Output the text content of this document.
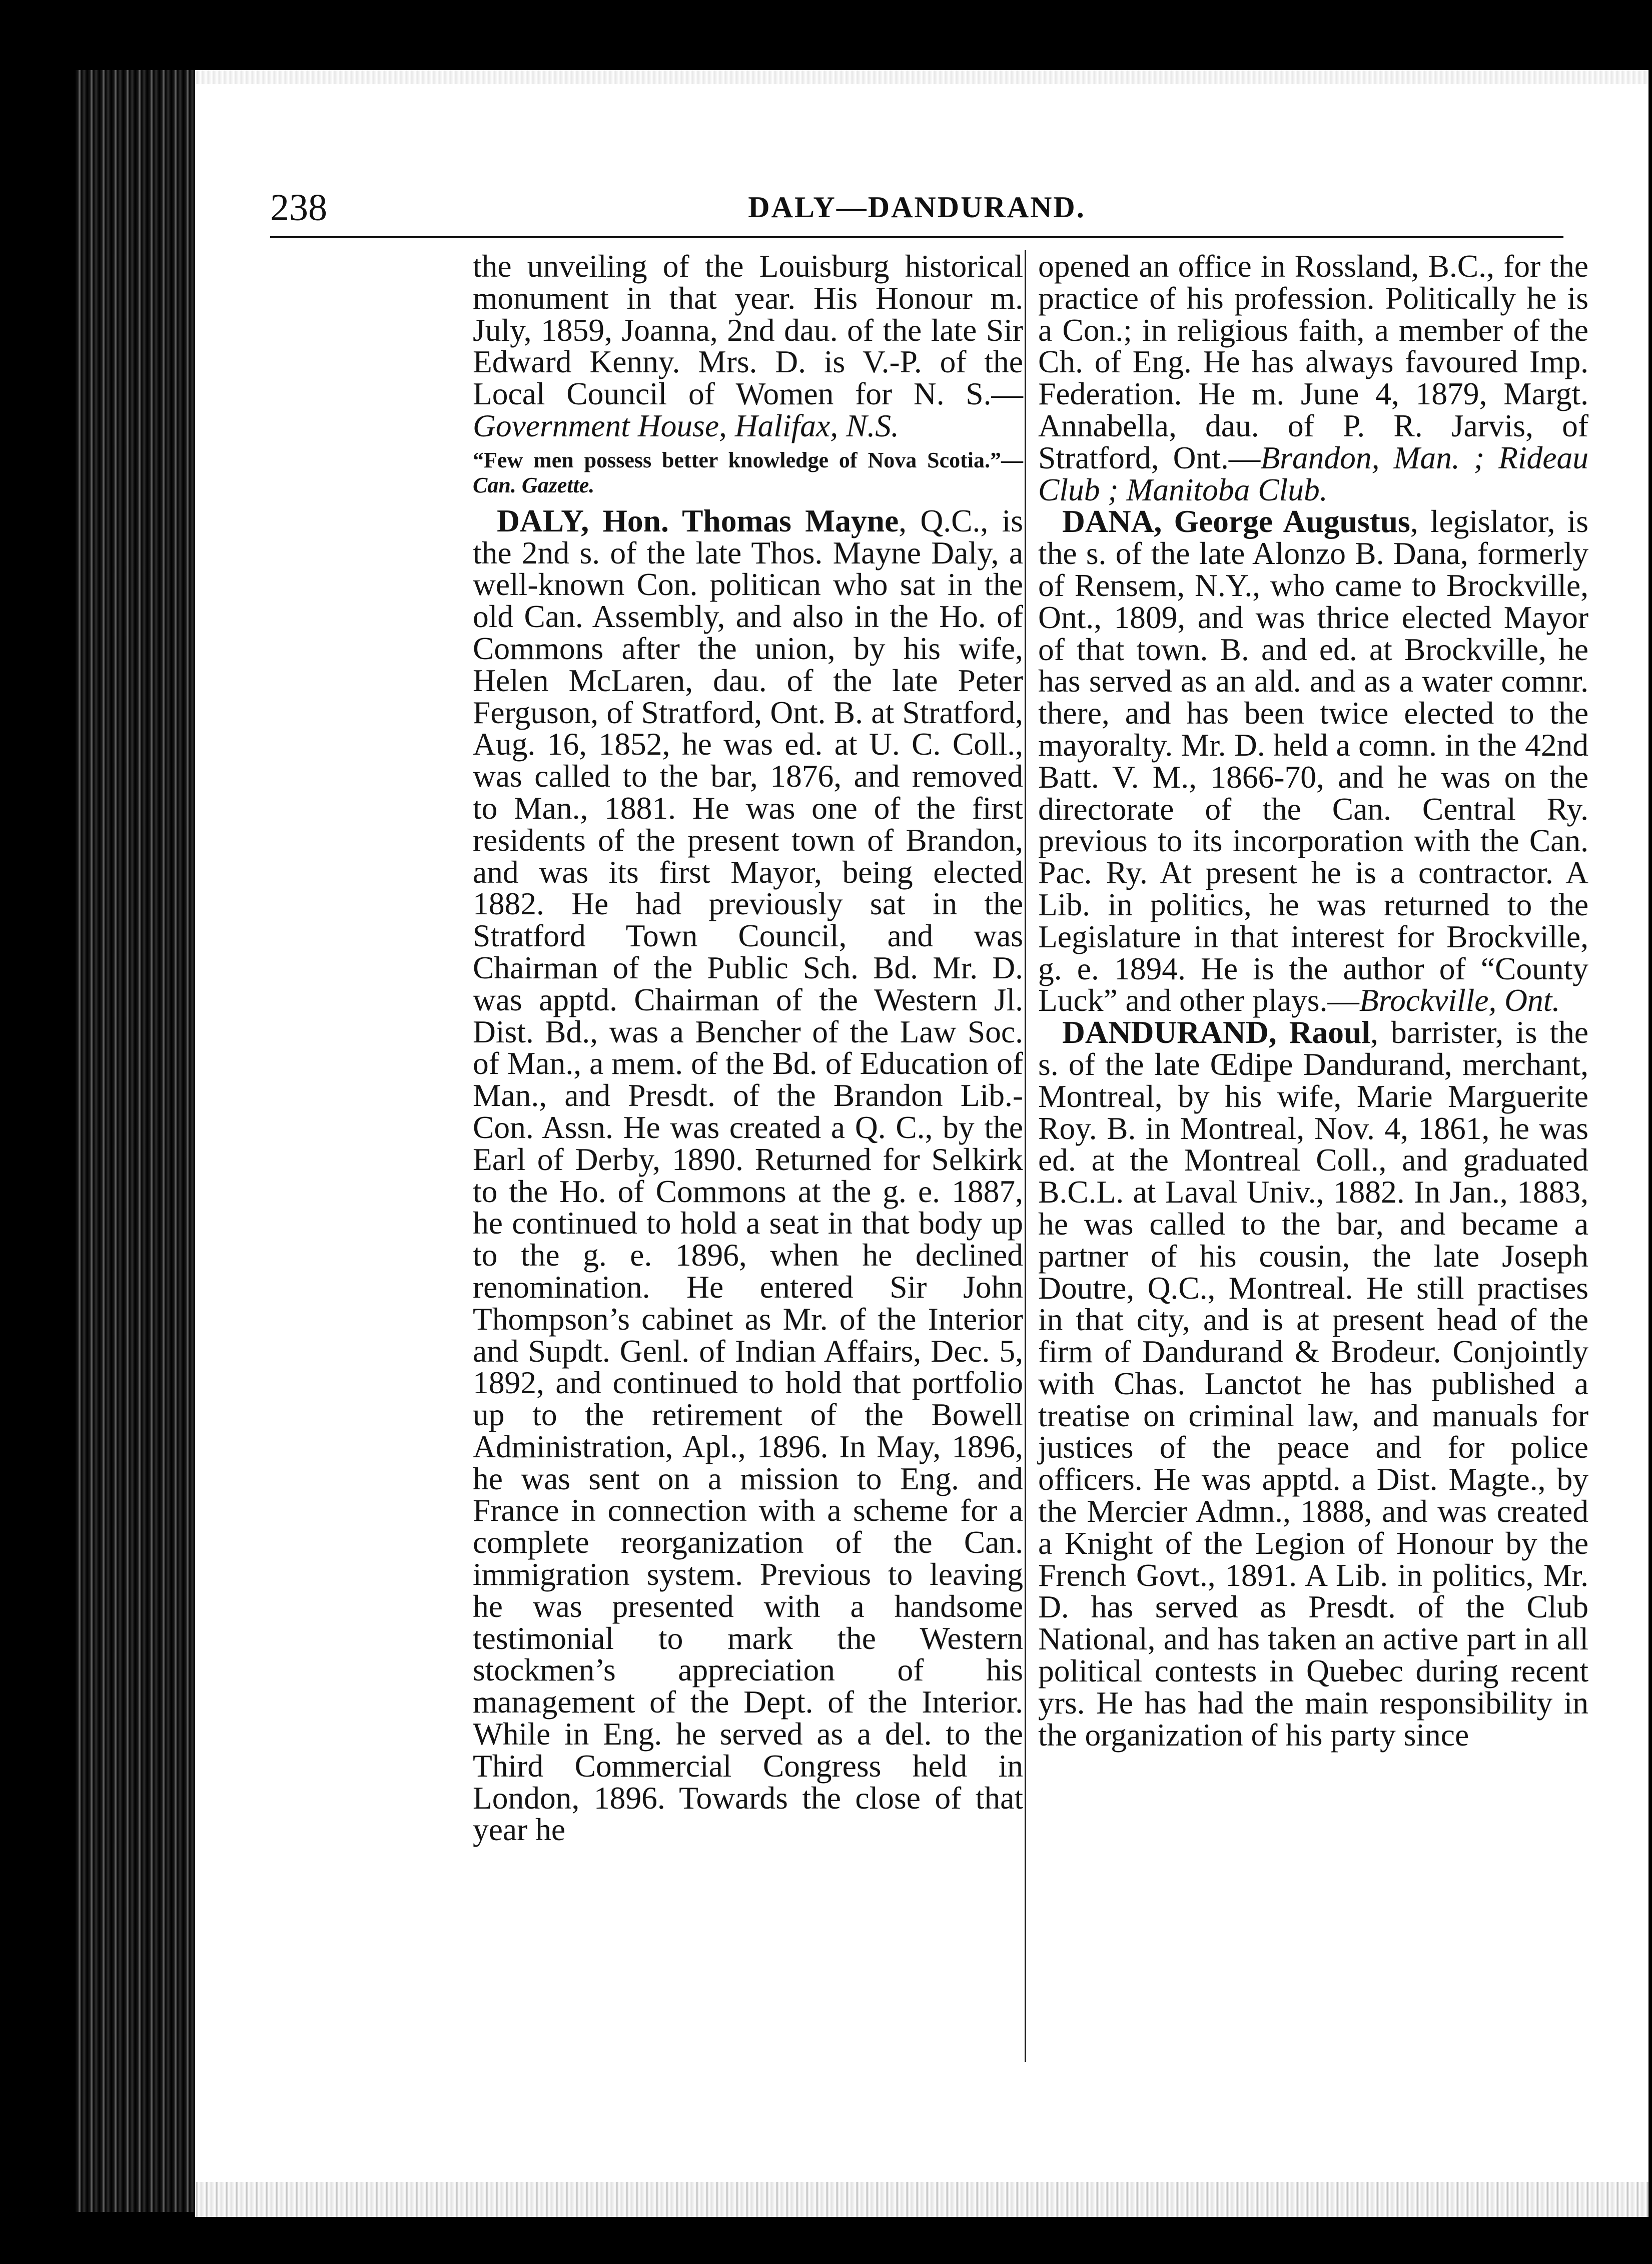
238	DALY—DANDURAND.

the unveiling of the Louisburg historical monument in that year. His Honour m. July, 1859, Joanna, 2nd dau. of the late Sir Edward Kenny. Mrs. D. is V.-P. of the Local Council of Women for N. S.—Government House, Halifax, N.S.

“Few men possess better knowledge of Nova Scotia.”—Can. Gazette.

DALY, Hon. Thomas Mayne, Q.C., is the 2nd s. of the late Thos. Mayne Daly, a well-known Con. politican who sat in the old Can. Assembly, and also in the Ho. of Commons after the union, by his wife, Helen McLaren, dau. of the late Peter Ferguson, of Stratford, Ont. B. at Stratford, Aug. 16, 1852, he was ed. at U. C. Coll., was called to the bar, 1876, and removed to Man., 1881. He was one of the first residents of the present town of Brandon, and was its first Mayor, being elected 1882. He had previously sat in the Stratford Town Council, and was Chairman of the Public Sch. Bd. Mr. D. was apptd. Chairman of the Western Jl. Dist. Bd., was a Bencher of the Law Soc. of Man., a mem. of the Bd. of Education of Man., and Presdt. of the Brandon Lib.-Con. Assn. He was created a Q. C., by the Earl of Derby, 1890. Returned for Selkirk to the Ho. of Commons at the g. e. 1887, he continued to hold a seat in that body up to the g. e. 1896, when he declined renomination. He entered Sir John Thompson’s cabinet as Mr. of the Interior and Supdt. Genl. of Indian Affairs, Dec. 5, 1892, and continued to hold that portfolio up to the retirement of the Bowell Administration, Apl., 1896. In May, 1896, he was sent on a mission to Eng. and France in connection with a scheme for a complete reorganization of the Can. immigration system. Previous to leaving he was presented with a handsome testimonial to mark the Western stockmen’s appreciation of his management of the Dept. of the Interior. While in Eng. he served as a del. to the Third Commercial Congress held in London, 1896. Towards the close of that year he

opened an office in Rossland, B.C., for the practice of his profession. Politically he is a Con.; in religious faith, a member of the Ch. of Eng. He has always favoured Imp. Federation. He m. June 4, 1879, Margt. Annabella, dau. of P. R. Jarvis, of Stratford, Ont.—Brandon, Man. ; Rideau Club ; Manitoba Club.

DANA, George Augustus, legislator, is the s. of the late Alonzo B. Dana, formerly of Rensem, N.Y., who came to Brockville, Ont., 1809, and was thrice elected Mayor of that town. B. and ed. at Brockville, he has served as an ald. and as a water comnr. there, and has been twice elected to the mayoralty. Mr. D. held a comn. in the 42nd Batt. V. M., 1866-70, and he was on the directorate of the Can. Central Ry. previous to its incorporation with the Can. Pac. Ry. At present he is a contractor. A Lib. in politics, he was returned to the Legislature in that interest for Brockville, g. e. 1894. He is the author of “County Luck” and other plays.—Brockville, Ont.

DANDURAND, Raoul, barrister, is the s. of the late Œdipe Dandurand, merchant, Montreal, by his wife, Marie Marguerite Roy. B. in Montreal, Nov. 4, 1861, he was ed. at the Montreal Coll., and graduated B.C.L. at Laval Univ., 1882. In Jan., 1883, he was called to the bar, and became a partner of his cousin, the late Joseph Doutre, Q.C., Montreal. He still practises in that city, and is at present head of the firm of Dandurand & Brodeur. Conjointly with Chas. Lanctot he has published a treatise on criminal law, and manuals for justices of the peace and for police officers. He was apptd. a Dist. Magte., by the Mercier Admn., 1888, and was created a Knight of the Legion of Honour by the French Govt., 1891. A Lib. in politics, Mr. D. has served as Presdt. of the Club National, and has taken an active part in all political contests in Quebec during recent yrs. He has had the main responsibility in the organization of his party since
